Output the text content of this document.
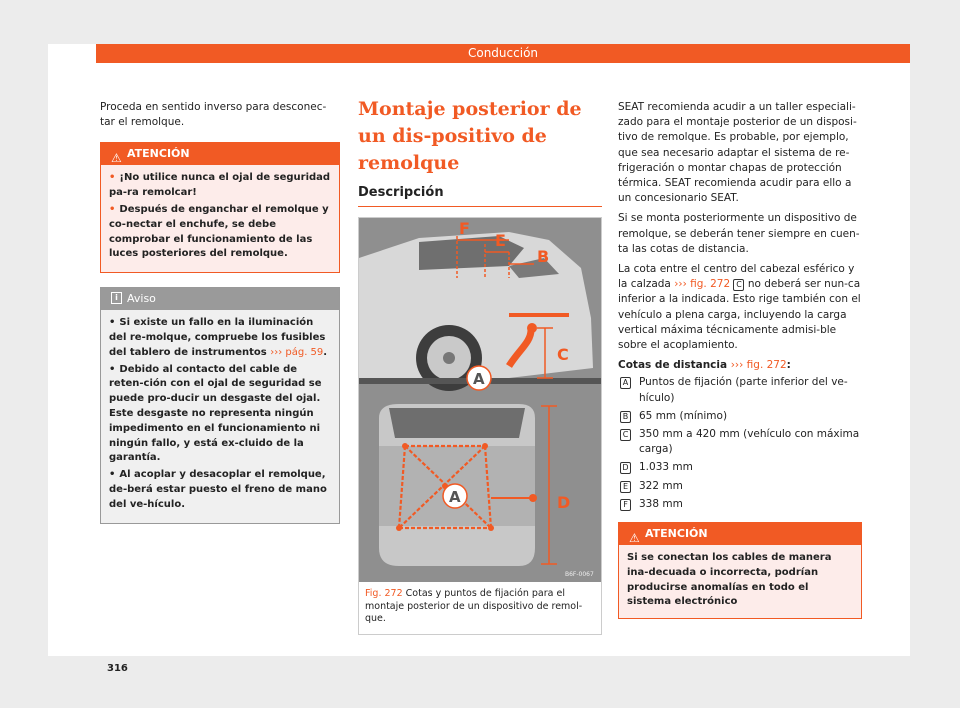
Conducción

Proceda en sentido inverso para desconec-tar el remolque.

⚠ ATENCIÓN
• ¡No utilice nunca el ojal de seguridad pa-ra remolcar!
• Después de enganchar el remolque y co-nectar el enchufe, se debe comprobar el funcionamiento de las luces posteriores del remolque.
i Aviso
• Si existe un fallo en la iluminación del re-molque, compruebe los fusibles del tablero de instrumentos ››› pág. 59.
• Debido al contacto del cable de reten-ción con el ojal de seguridad se puede pro-ducir un desgaste del ojal. Este desgaste no representa ningún impedimento en el funcionamiento ni ningún fallo, y está ex-cluido de la garantía.
• Al acoplar y desacoplar el remolque, de-berá estar puesto el freno de mano del ve-hículo.
Montaje posterior de un dis-positivo de remolque
Descripción
F
E
B
C
A
D
A
B6F-0067
Fig. 272 Cotas y puntos de fijación para el montaje posterior de un dispositivo de remol-que.

SEAT recomienda acudir a un taller especiali-zado para el montaje posterior de un disposi-tivo de remolque. Es probable, por ejemplo, que sea necesario adaptar el sistema de re-frigeración o montar chapas de protección térmica. SEAT recomienda acudir para ello a un concesionario SEAT.

Si se monta posteriormente un dispositivo de remolque, se deberán tener siempre en cuen-ta las cotas de distancia.

La cota entre el centro del cabezal esférico y la calzada ››› fig. 272 C no deberá ser nun-ca inferior a la indicada. Esto rige también con el vehículo a plena carga, incluyendo la carga vertical máxima técnicamente admisi-ble sobre el acoplamiento.

Cotas de distancia ››› fig. 272:
A Puntos de fijación (parte inferior del ve-hículo)
B 65 mm (mínimo)
C 350 mm a 420 mm (vehículo con máxima carga)
D 1.033 mm
E 322 mm
F	338 mm
⚠ ATENCIÓN
Si se conectan los cables de manera ina-decuada o incorrecta, podrían producirse anomalías en todo el sistema electrónico
316
